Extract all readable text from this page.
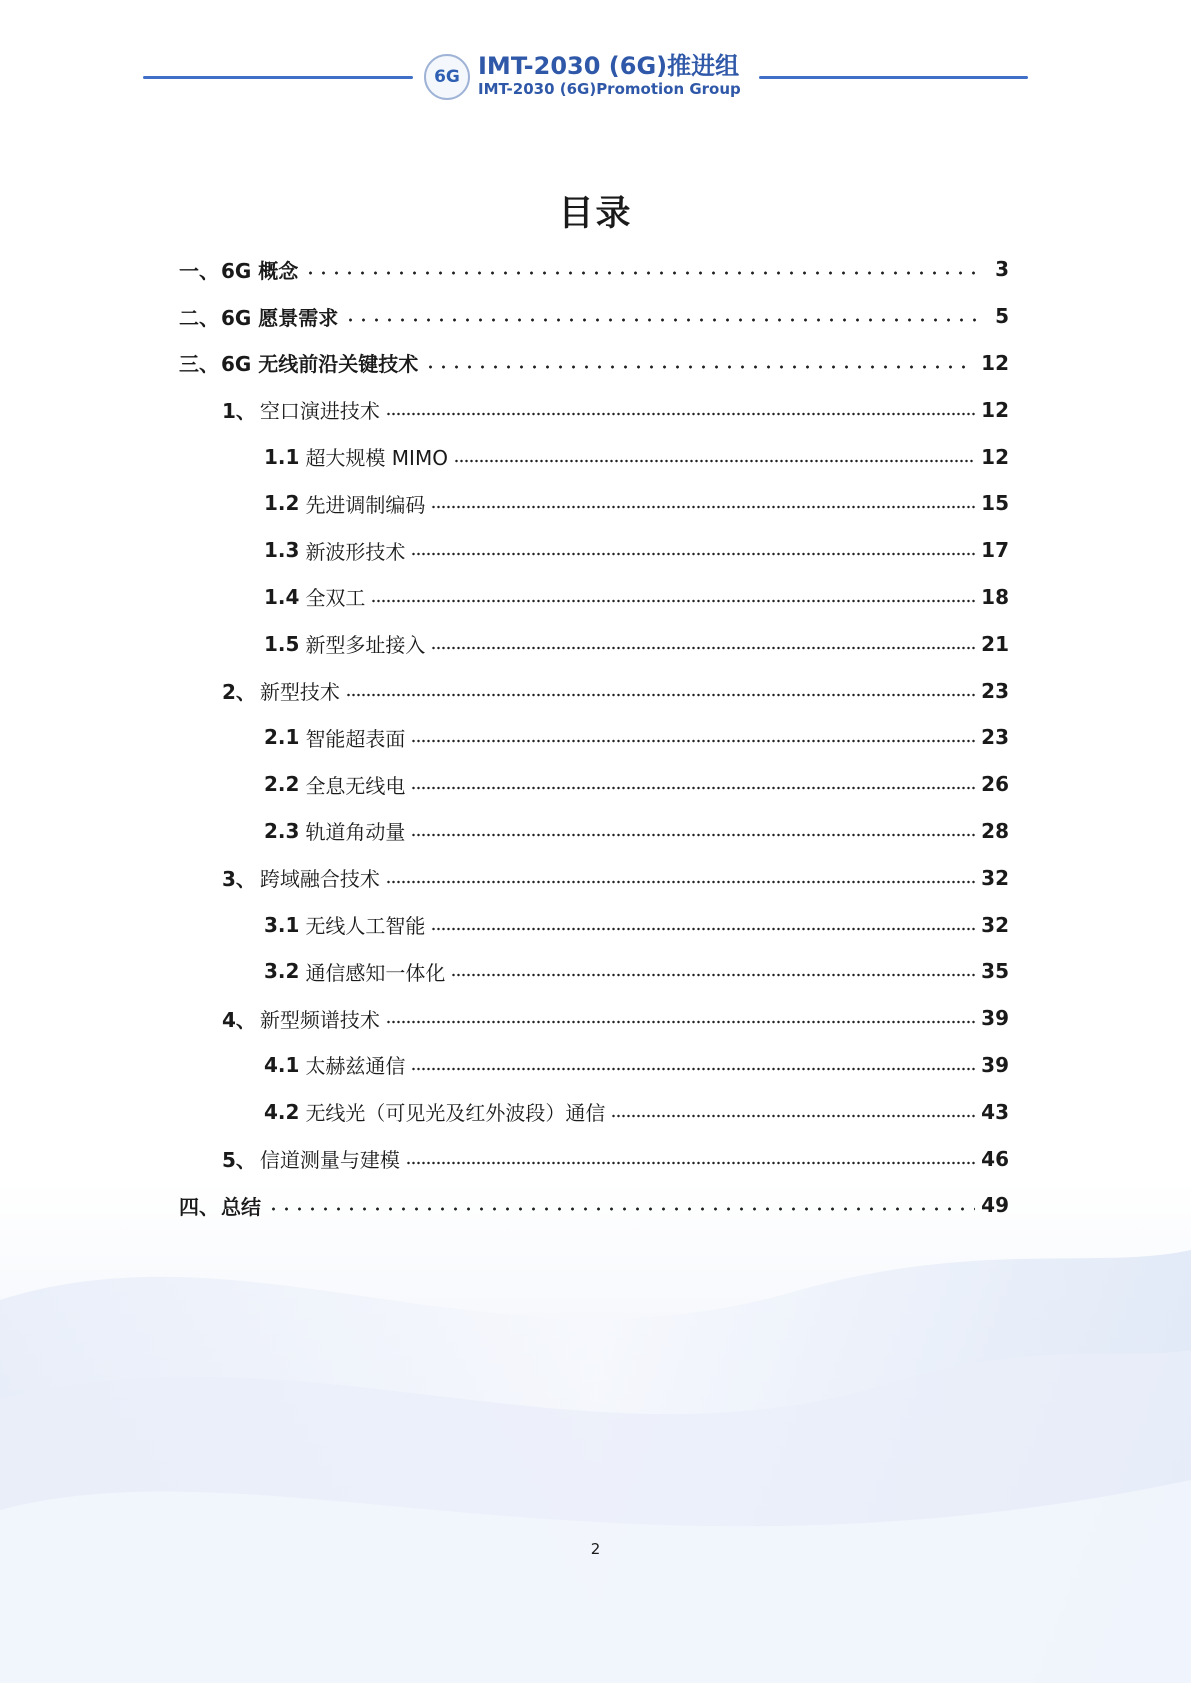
6G IMT-2030 (6G)推进组
IMT-2030 (6G)Promotion Group
目录
一、 6G 概念	3
二、 6G 愿景需求	5
三、 6G 无线前沿关键技术	12
1、 空口演进技术	12
1.1 超大规模 MIMO	12
1.2 先进调制编码	15
1.3 新波形技术	17
1.4 全双工	18
1.5 新型多址接入	21
2、 新型技术	23
2.1 智能超表面	23
2.2 全息无线电	26
2.3 轨道角动量	28
3、 跨域融合技术	32
3.1 无线人工智能	32
3.2 通信感知一体化	35
4、 新型频谱技术	39
4.1 太赫兹通信	39
4.2 无线光（可见光及红外波段）通信	43
5、 信道测量与建模	46
四、 总结	49
2
